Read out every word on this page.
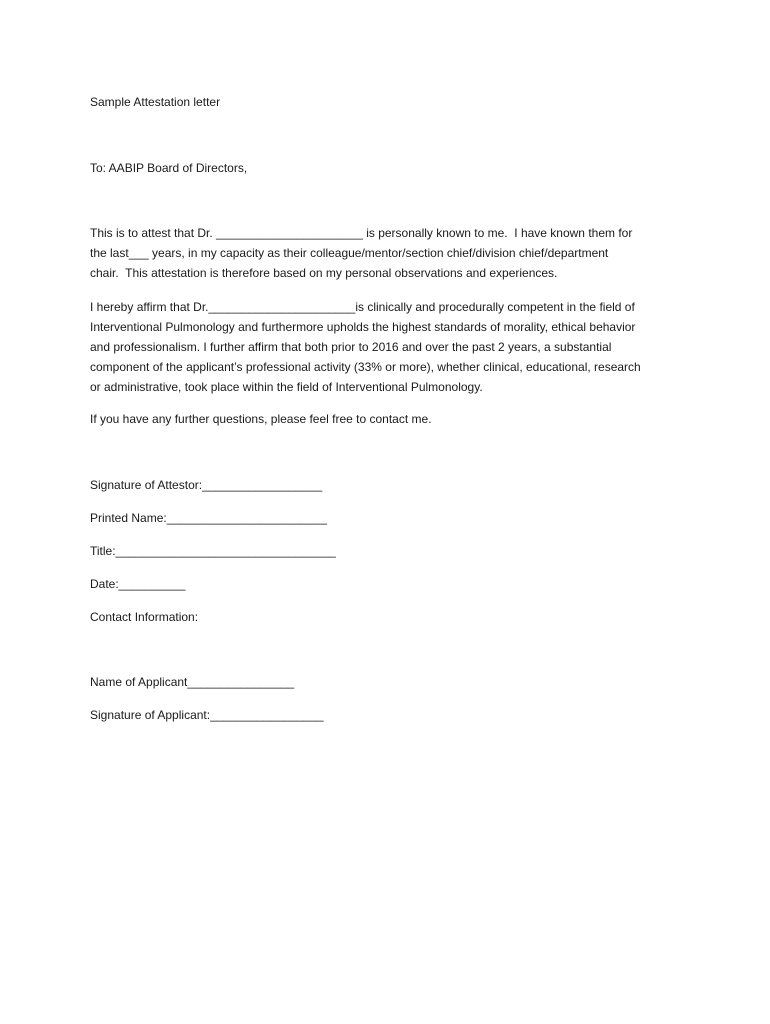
Sample Attestation letter
To: AABIP Board of Directors,
This is to attest that Dr. ______________________ is personally known to me.  I have known them for
the last___ years, in my capacity as their colleague/mentor/section chief/division chief/department
chair.  This attestation is therefore based on my personal observations and experiences.
I hereby affirm that Dr.______________________is clinically and procedurally competent in the field of
Interventional Pulmonology and furthermore upholds the highest standards of morality, ethical behavior
and professionalism. I further affirm that both prior to 2016 and over the past 2 years, a substantial
component of the applicant’s professional activity (33% or more), whether clinical, educational, research
or administrative, took place within the field of Interventional Pulmonology.
If you have any further questions, please feel free to contact me.
Signature of Attestor:__________________
Printed Name:________________________
Title:_________________________________
Date:__________
Contact Information:
Name of Applicant________________
Signature of Applicant:_________________
